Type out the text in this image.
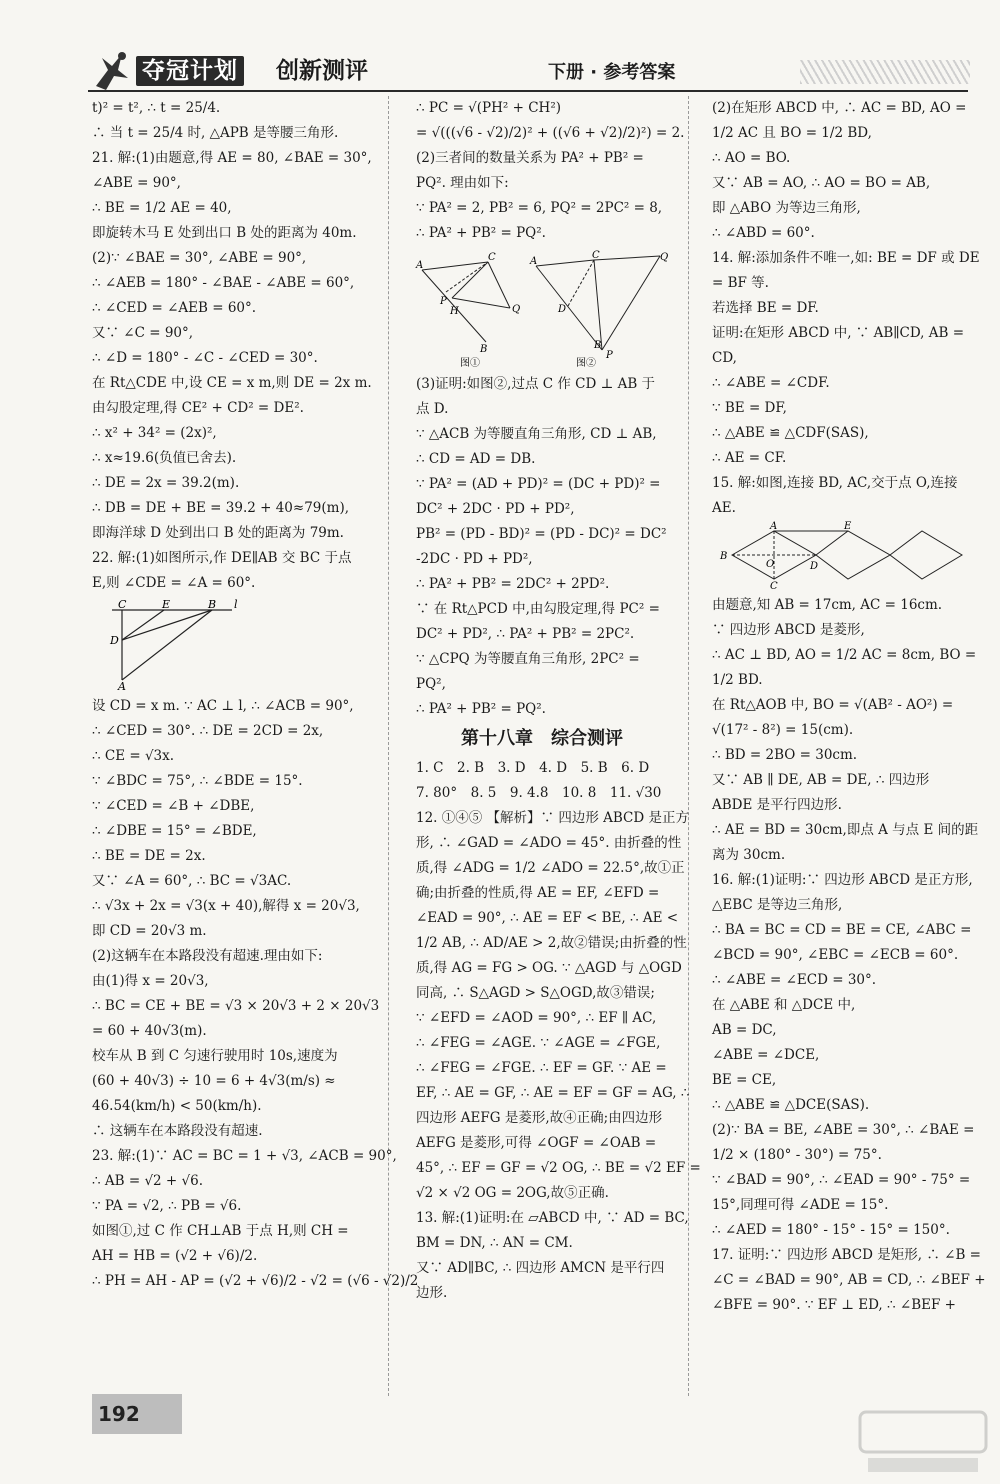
夺冠计划 创新测评	下册 · 参考答案
t)² = t², ∴ t = 25/4.
∴ 当 t = 25/4 时, △APB 是等腰三角形.
21. 解:(1)由题意,得 AE = 80, ∠BAE = 30°,
∠ABE = 90°,
∴ BE = 1/2 AE = 40,
即旋转木马 E 处到出口 B 处的距离为 40m.
(2)∵ ∠BAE = 30°, ∠ABE = 90°,
∴ ∠AEB = 180° - ∠BAE - ∠ABE = 60°,
∴ ∠CED = ∠AEB = 60°.
又∵ ∠C = 90°,
∴ ∠D = 180° - ∠C - ∠CED = 30°.
在 Rt△CDE 中,设 CE = x m,则 DE = 2x m.
由勾股定理,得 CE² + CD² = DE².
∴ x² + 34² = (2x)²,
∴ x≈19.6(负值已舍去).
∴ DE = 2x = 39.2(m).
∴ DB = DE + BE = 39.2 + 40≈79(m),
即海洋球 D 处到出口 B 处的距离为 79m.
22. 解:(1)如图所示,作 DE∥AB 交 BC 于点
E,则 ∠CDE = ∠A = 60°.
C	E	B l
D
A
设 CD = x m. ∵ AC ⊥ l, ∴ ∠ACB = 90°,
∴ ∠CED = 30°. ∴ DE = 2CD = 2x,
∴ CE = √3x.
∵ ∠BDC = 75°, ∴ ∠BDE = 15°.
∵ ∠CED = ∠B + ∠DBE,
∴ ∠DBE = 15° = ∠BDE,
∴ BE = DE = 2x.
又∵ ∠A = 60°, ∴ BC = √3AC.
∴ √3x + 2x = √3(x + 40),解得 x = 20√3,
即 CD = 20√3 m.
(2)这辆车在本路段没有超速.理由如下:
由(1)得 x = 20√3,
∴ BC = CE + BE = √3 × 20√3 + 2 × 20√3
= 60 + 40√3(m).
校车从 B 到 C 匀速行驶用时 10s,速度为
(60 + 40√3) ÷ 10 = 6 + 4√3(m/s) ≈
46.54(km/h) < 50(km/h).
∴ 这辆车在本路段没有超速.
23. 解:(1)∵ AC = BC = 1 + √3, ∠ACB = 90°,
∴ AB = √2 + √6.
∵ PA = √2, ∴ PB = √6.
如图①,过 C 作 CH⊥AB 于点 H,则 CH =
AH = HB = (√2 + √6)/2.
∴ PH = AH - AP = (√2 + √6)/2 - √2 = (√6 - √2)/2
∴ PC = √(PH² + CH²)
= √(((√6 - √2)/2)² + ((√6 + √2)/2)²) = 2.
(2)三者间的数量关系为 PA² + PB² =
PQ². 理由如下:
∵ PA² = 2, PB² = 6, PQ² = 2PC² = 8,
∴ PA² + PB² = PQ².
A
C
P
H	Q
B
图①
A
C	Q
D
B
P
图②
(3)证明:如图②,过点 C 作 CD ⊥ AB 于
点 D.
∵ △ACB 为等腰直角三角形, CD ⊥ AB,
∴ CD = AD = DB.
∵ PA² = (AD + PD)² = (DC + PD)² =
DC² + 2DC · PD + PD²,
PB² = (PD - BD)² = (PD - DC)² = DC²
-2DC · PD + PD²,
∴ PA² + PB² = 2DC² + 2PD².
∵ 在 Rt△PCD 中,由勾股定理,得 PC² =
DC² + PD², ∴ PA² + PB² = 2PC².
∵ △CPQ 为等腰直角三角形, 2PC² =
PQ²,
∴ PA² + PB² = PQ².
第十八章　综合测评
1. C　2. B　3. D　4. D　5. B　6. D
7. 80°　8. 5　9. 4.8　10. 8　11. √30
12. ①④⑤ 【解析】∵ 四边形 ABCD 是正方
形, ∴ ∠GAD = ∠ADO = 45°. 由折叠的性
质,得 ∠ADG = 1/2 ∠ADO = 22.5°,故①正
确;由折叠的性质,得 AE = EF, ∠EFD =
∠EAD = 90°, ∴ AE = EF < BE, ∴ AE <
1/2 AB, ∴ AD/AE > 2,故②错误;由折叠的性
质,得 AG = FG > OG. ∵ △AGD 与 △OGD
同高, ∴ S△AGD > S△OGD,故③错误;
∵ ∠EFD = ∠AOD = 90°, ∴ EF ∥ AC,
∴ ∠FEG = ∠AGE. ∵ ∠AGE = ∠FGE,
∴ ∠FEG = ∠FGE. ∴ EF = GF. ∵ AE =
EF, ∴ AE = GF, ∴ AE = EF = GF = AG, ∴
四边形 AEFG 是菱形,故④正确;由四边形
AEFG 是菱形,可得 ∠OGF = ∠OAB =
45°, ∴ EF = GF = √2 OG, ∴ BE = √2 EF =
√2 × √2 OG = 2OG,故⑤正确.
13. 解:(1)证明:在 ▱ABCD 中, ∵ AD = BC,
BM = DN, ∴ AN = CM.
又∵ AD∥BC, ∴ 四边形 AMCN 是平行四
边形.
(2)在矩形 ABCD 中, ∴ AC = BD, AO =
1/2 AC 且 BO = 1/2 BD,
∴ AO = BO.
又∵ AB = AO, ∴ AO = BO = AB,
即 △ABO 为等边三角形,
∴ ∠ABD = 60°.
14. 解:添加条件不唯一,如: BE = DF 或 DE
= BF 等.
若选择 BE = DF.
证明:在矩形 ABCD 中, ∵ AB∥CD, AB =
CD,
∴ ∠ABE = ∠CDF.
∵ BE = DF,
∴ △ABE ≌ △CDF(SAS),
∴ AE = CF.
15. 解:如图,连接 BD, AC,交于点 O,连接
AE.
A	E
B
O	D
C
由题意,知 AB = 17cm, AC = 16cm.
∵ 四边形 ABCD 是菱形,
∴ AC ⊥ BD, AO = 1/2 AC = 8cm, BO =
1/2 BD.
在 Rt△AOB 中, BO = √(AB² - AO²) =
√(17² - 8²) = 15(cm).
∴ BD = 2BO = 30cm.
又∵ AB ∥ DE, AB = DE, ∴ 四边形
ABDE 是平行四边形.
∴ AE = BD = 30cm,即点 A 与点 E 间的距
离为 30cm.
16. 解:(1)证明:∵ 四边形 ABCD 是正方形,
△EBC 是等边三角形,
∴ BA = BC = CD = BE = CE, ∠ABC =
∠BCD = 90°, ∠EBC = ∠ECB = 60°.
∴ ∠ABE = ∠ECD = 30°.
在 △ABE 和 △DCE 中,
AB = DC,
∠ABE = ∠DCE,
BE = CE,
∴ △ABE ≌ △DCE(SAS).
(2)∵ BA = BE, ∠ABE = 30°, ∴ ∠BAE =
1/2 × (180° - 30°) = 75°.
∵ ∠BAD = 90°, ∴ ∠EAD = 90° - 75° =
15°,同理可得 ∠ADE = 15°.
∴ ∠AED = 180° - 15° - 15° = 150°.
17. 证明:∵ 四边形 ABCD 是矩形, ∴ ∠B =
∠C = ∠BAD = 90°, AB = CD, ∴ ∠BEF +
∠BFE = 90°. ∵ EF ⊥ ED, ∴ ∠BEF +
192
